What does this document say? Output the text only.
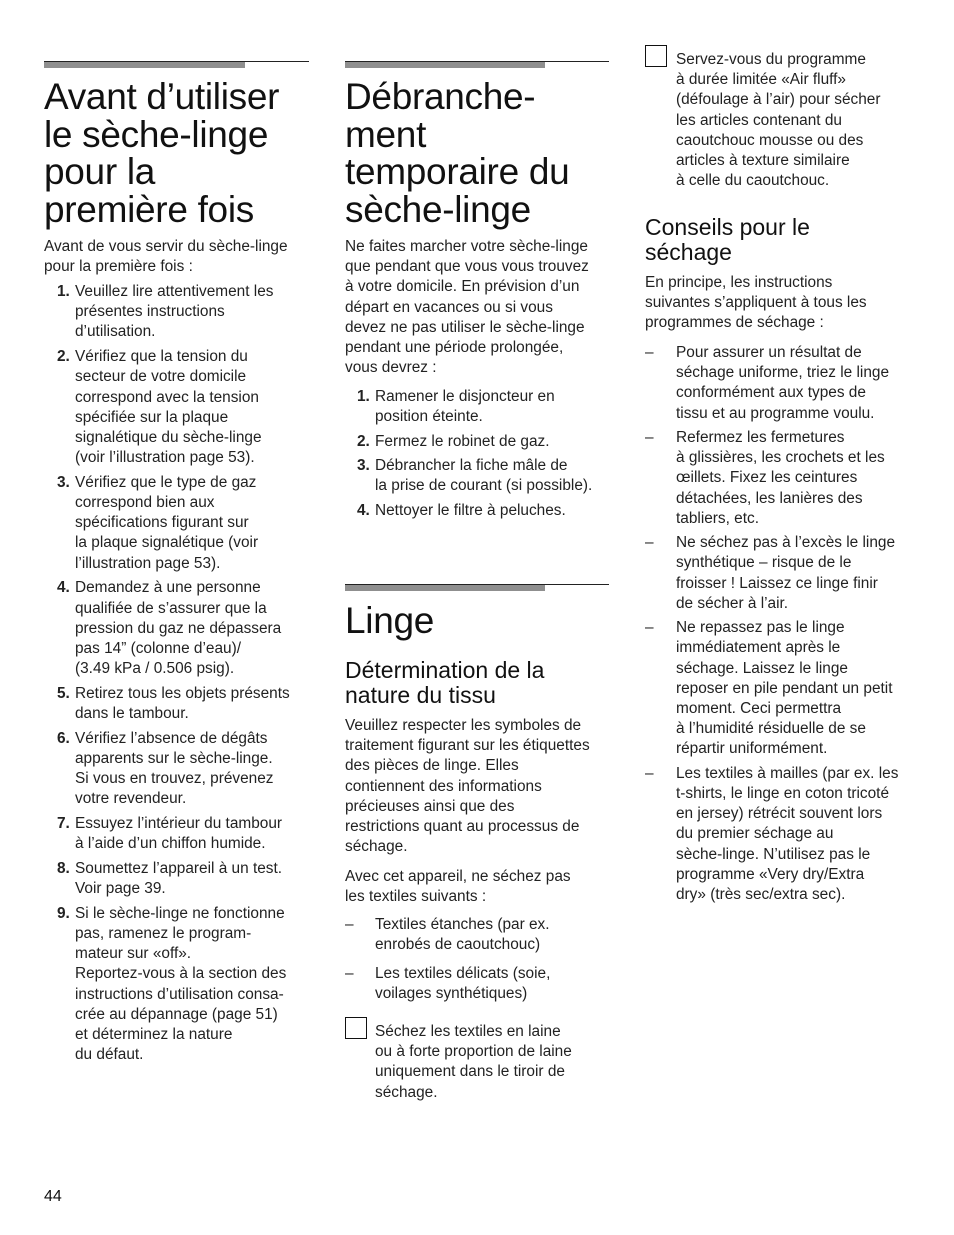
Avant d’utiliser
le sèche-linge
pour la
première fois
Avant de vous servir du sèche-linge
pour la première fois :
1. Veuillez lire attentivement les
présentes instructions
d’utilisation.
2. Vérifiez que la tension du
secteur de votre domicile
correspond avec la tension
spécifiée sur la plaque
signalétique du sèche-linge
(voir l’illustration page 53).
3. Vérifiez que le type de gaz
correspond bien aux
spécifications figurant sur
la plaque signalétique (voir
l’illustration page 53).
4. Demandez à une personne
qualifiée de s’assurer que la
pression du gaz ne dépassera
pas 14” (colonne d’eau)/
(3.49 kPa / 0.506 psig).
5. Retirez tous les objets présents
dans le tambour.
6. Vérifiez l’absence de dégâts
apparents sur le sèche-linge.
Si vous en trouvez, prévenez
votre revendeur.
7. Essuyez l’intérieur du tambour
à l’aide d’un chiffon humide.
8. Soumettez l’appareil à un test.
Voir page 39.
9. Si le sèche-linge ne fonctionne
pas, ramenez le program-
mateur sur «off».
Reportez-vous à la section des
instructions d’utilisation consa-
crée au dépannage (page 51)
et déterminez la nature
du défaut.
Débranche-
ment
temporaire du
sèche-linge
Ne faites marcher votre sèche-linge
que pendant que vous vous trouvez
à votre domicile. En prévision d’un
départ en vacances ou si vous
devez ne pas utiliser le sèche-linge
pendant une période prolongée,
vous devrez :
1. Ramener le disjoncteur en
position éteinte.
2. Fermez le robinet de gaz.
3. Débrancher la fiche mâle de
la prise de courant (si possible).
4. Nettoyer le filtre à peluches.
Linge
Détermination de la
nature du tissu
Veuillez respecter les symboles de
traitement figurant sur les étiquettes
des pièces de linge. Elles
contiennent des informations
précieuses ainsi que des
restrictions quant au processus de
séchage.
Avec cet appareil, ne séchez pas
les textiles suivants :
– Textiles étanches (par ex.
enrobés de caoutchouc)
– Les textiles délicats (soie,
voilages synthétiques)
Séchez les textiles en laine
ou à forte proportion de laine
uniquement dans le tiroir de
séchage.
Servez-vous du programme
à durée limitée «Air fluff»
(défoulage à l’air) pour sécher
les articles contenant du
caoutchouc mousse ou des
articles à texture similaire
à celle du caoutchouc.
Conseils pour le
séchage
En principe, les instructions
suivantes s’appliquent à tous les
programmes de séchage :
– Pour assurer un résultat de
séchage uniforme, triez le linge
conformément aux types de
tissu et au programme voulu.
– Refermez les fermetures
à glissières, les crochets et les
œillets. Fixez les ceintures
détachées, les lanières des
tabliers, etc.
– Ne séchez pas à l’excès le linge
synthétique – risque de le
froisser ! Laissez ce linge finir
de sécher à l’air.
– Ne repassez pas le linge
immédiatement après le
séchage. Laissez le linge
reposer en pile pendant un petit
moment. Ceci permettra
à l’humidité résiduelle de se
répartir uniformément.
– Les textiles à mailles (par ex. les
t-shirts, le linge en coton tricoté
en jersey) rétrécit souvent lors
du premier séchage au
sèche-linge. N’utilisez pas le
programme «Very dry/Extra
dry» (très sec/extra sec).
44
